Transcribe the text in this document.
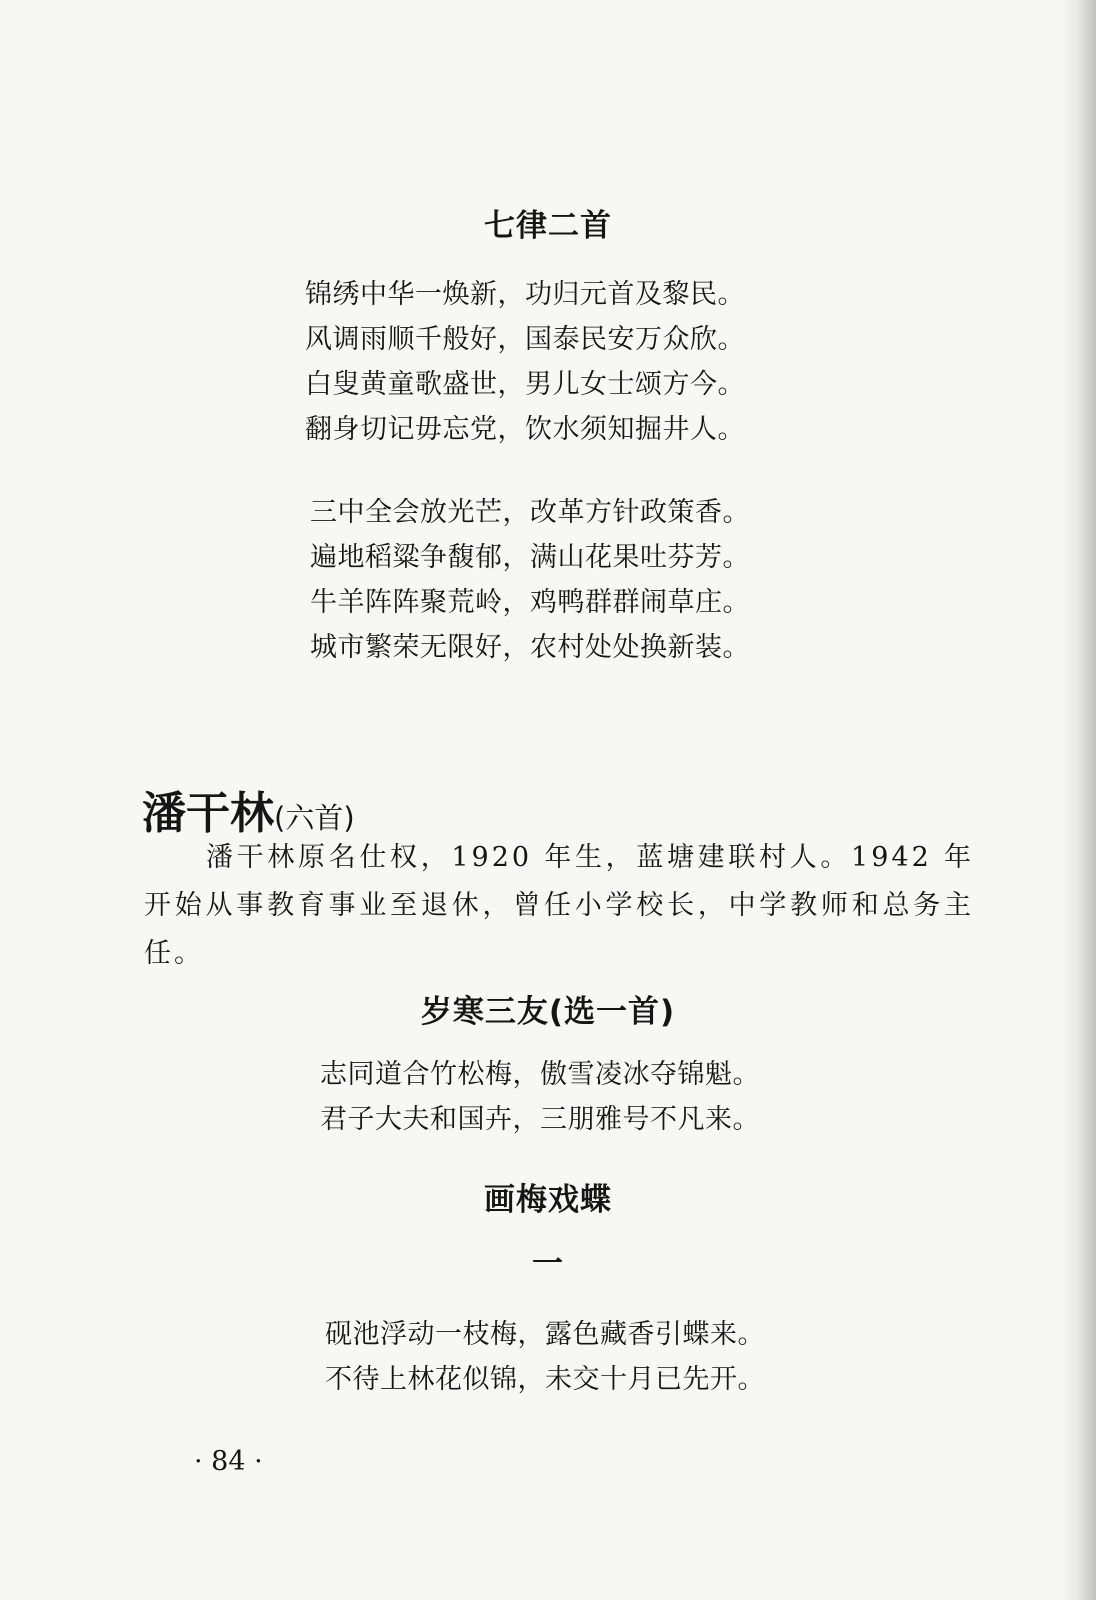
七律二首
锦绣中华一焕新，功归元首及黎民。
风调雨顺千般好，国泰民安万众欣。
白叟黄童歌盛世，男儿女士颂方今。
翻身切记毋忘党，饮水须知掘井人。
三中全会放光芒，改革方针政策香。
遍地稻粱争馥郁，满山花果吐芬芳。
牛羊阵阵聚荒岭，鸡鸭群群闹草庄。
城市繁荣无限好，农村处处换新装。
潘干林(六首)

潘干林原名仕权，1920 年生，蓝塘建联村人。1942 年开始从事教育事业至退休，曾任小学校长，中学教师和总务主任。

岁寒三友(选一首)
志同道合竹松梅，傲雪凌冰夺锦魁。
君子大夫和国卉，三朋雅号不凡来。
画梅戏蝶
一
砚池浮动一枝梅，露色藏香引蝶来。
不待上林花似锦，未交十月已先开。
· 84 ·
